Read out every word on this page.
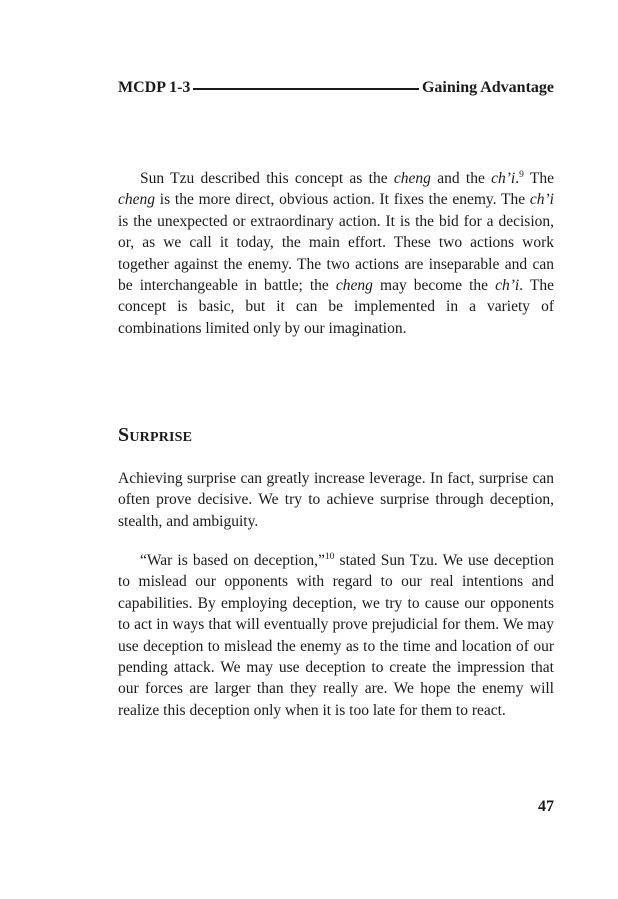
MCDP 1-3	Gaining Advantage

Sun Tzu described this concept as the cheng and the ch’i.$^9$ The cheng is the more direct, obvious action. It fixes the enemy. The ch’i is the unexpected or extraordinary action. It is the bid for a decision, or, as we call it today, the main effort. These two actions work together against the enemy. The two actions are inseparable and can be interchangeable in battle; the cheng may become the ch’i. The concept is basic, but it can be implemented in a variety of combinations limited only by our imagination.

Surprise

Achieving surprise can greatly increase leverage. In fact, surprise can often prove decisive. We try to achieve surprise through deception, stealth, and ambiguity.

“War is based on deception,”$^{10}$ stated Sun Tzu. We use deception to mislead our opponents with regard to our real intentions and capabilities. By employing deception, we try to cause our opponents to act in ways that will eventually prove prejudicial for them. We may use deception to mislead the enemy as to the time and location of our pending attack. We may use deception to create the impression that our forces are larger than they really are. We hope the enemy will realize this deception only when it is too late for them to react.

47
